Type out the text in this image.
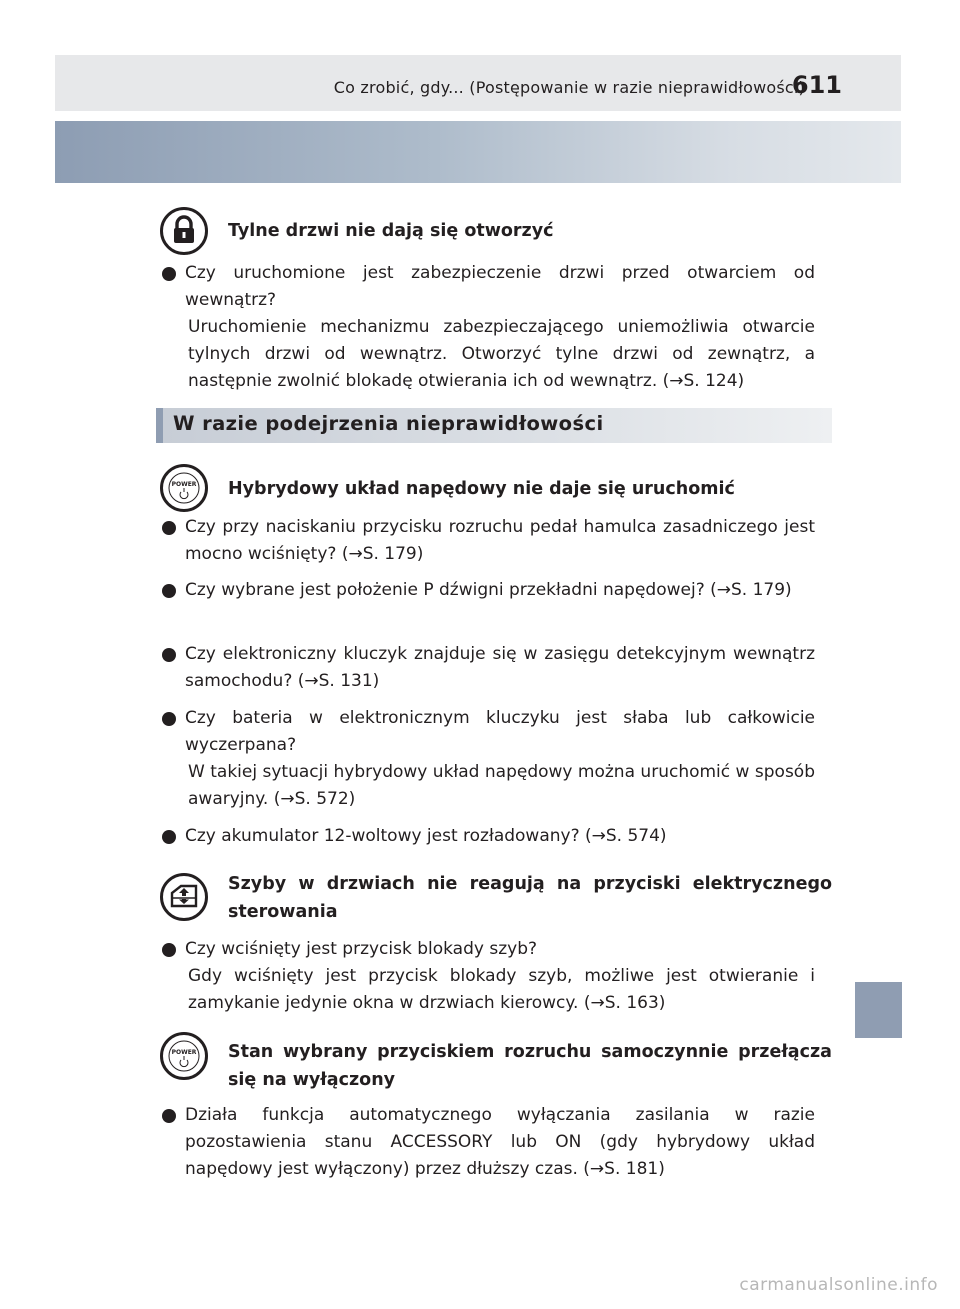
Co zrobić, gdy... (Postępowanie w razie nieprawidłowości)
611
Tylne drzwi nie dają się otworzyć
Czy uruchomione jest zabezpieczenie drzwi przed otwarciem od wewnątrz?
Uruchomienie mechanizmu zabezpieczającego uniemożliwia otwarcie tylnych drzwi od wewnątrz. Otworzyć tylne drzwi od zewnątrz, a następnie zwolnić blokadę otwierania ich od wewnątrz. (→S. 124)
W razie podejrzenia nieprawidłowości
POWER Hybrydowy układ napędowy nie daje się uruchomić
Czy przy naciskaniu przycisku rozruchu pedał hamulca zasadniczego jest mocno wciśnięty? (→S. 179)
Czy wybrane jest położenie P dźwigni przekładni napędowej? (→S. 179)
Czy elektroniczny kluczyk znajduje się w zasięgu detekcyjnym wewnątrz samochodu? (→S. 131)
Czy bateria w elektronicznym kluczyku jest słaba lub całkowicie wyczerpana?
W takiej sytuacji hybrydowy układ napędowy można uruchomić w sposób awaryjny. (→S. 572)
Czy akumulator 12-woltowy jest rozładowany? (→S. 574)
Szyby w drzwiach nie reagują na przyciski elektrycznego sterowania
Czy wciśnięty jest przycisk blokady szyb?
Gdy wciśnięty jest przycisk blokady szyb, możliwe jest otwieranie i zamykanie jedynie okna w drzwiach kierowcy. (→S. 163)
POWER Stan wybrany przyciskiem rozruchu samoczynnie przełącza się na wyłączony
Działa funkcja automatycznego wyłączania zasilania w razie pozostawienia stanu ACCESSORY lub ON (gdy hybrydowy układ napędowy jest wyłączony) przez dłuższy czas. (→S. 181)
carmanualsonline.info
